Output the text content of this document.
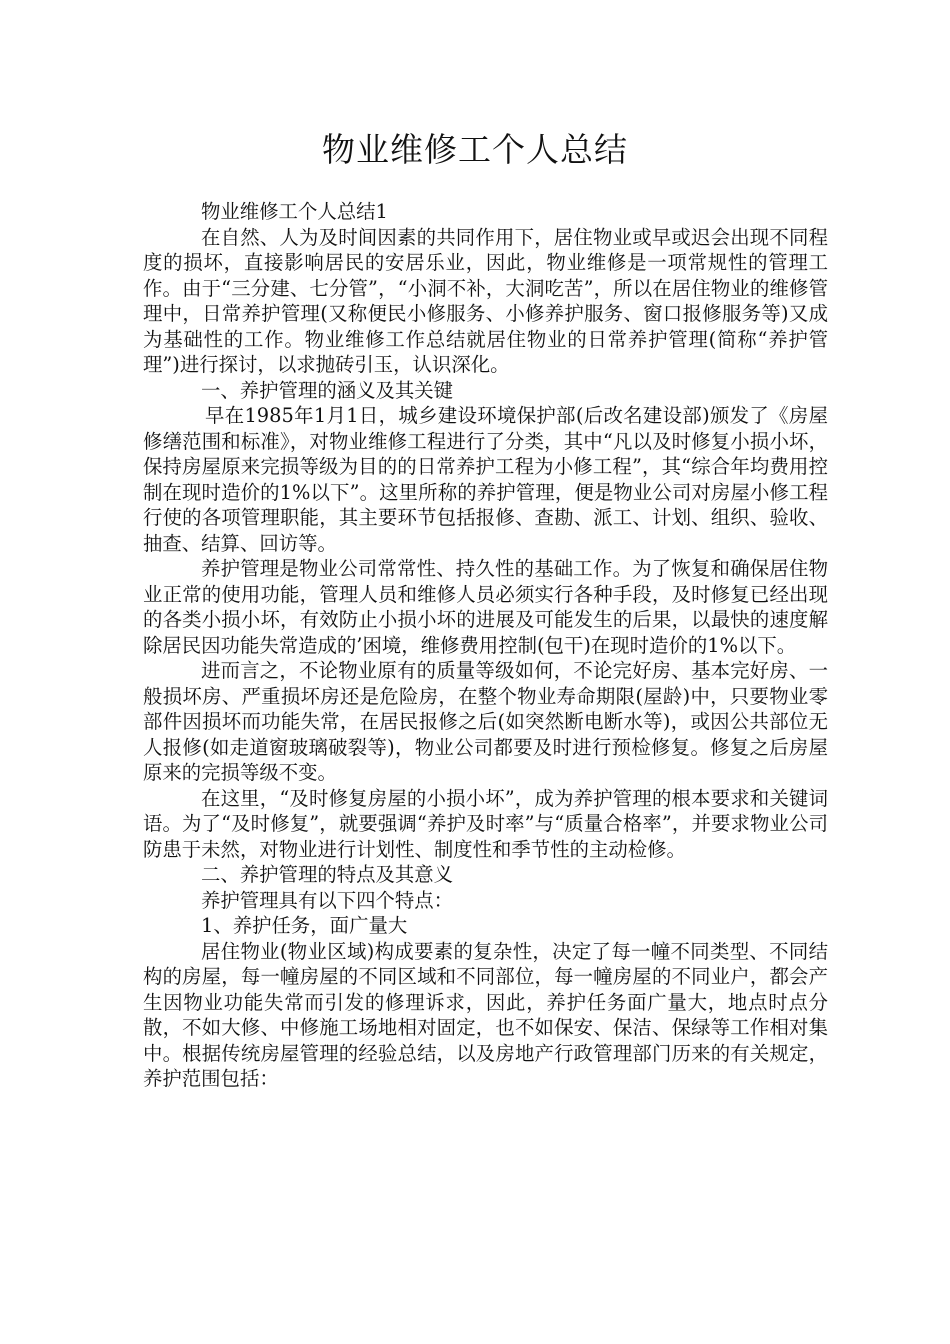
物业维修工个人总结

物业维修工个人总结1

在自然、人为及时间因素的共同作用下，居住物业或早或迟会出现不同程度的损坏，直接影响居民的安居乐业，因此，物业维修是一项常规性的管理工作。由于“三分建、七分管”，“小洞不补，大洞吃苦”，所以在居住物业的维修管理中，日常养护管理(又称便民小修服务、小修养护服务、窗口报修服务等)又成为基础性的工作。物业维修工作总结就居住物业的日常养护管理(简称“养护管理”)进行探讨，以求抛砖引玉，认识深化。

一、养护管理的涵义及其关键

早在1985年1月1日，城乡建设环境保护部(后改名建设部)颁发了《房屋修缮范围和标准》，对物业维修工程进行了分类，其中“凡以及时修复小损小坏，保持房屋原来完损等级为目的的日常养护工程为小修工程”，其“综合年均费用控制在现时造价的1%以下”。这里所称的养护管理，便是物业公司对房屋小修工程行使的各项管理职能，其主要环节包括报修、查勘、派工、计划、组织、验收、抽查、结算、回访等。

养护管理是物业公司常常性、持久性的基础工作。为了恢复和确保居住物业正常的使用功能，管理人员和维修人员必须实行各种手段，及时修复已经出现的各类小损小坏，有效防止小损小坏的进展及可能发生的后果，以最快的速度解除居民因功能失常造成的’困境，维修费用控制(包干)在现时造价的1%以下。

进而言之，不论物业原有的质量等级如何，不论完好房、基本完好房、一般损坏房、严重损坏房还是危险房，在整个物业寿命期限(屋龄)中，只要物业零部件因损坏而功能失常，在居民报修之后(如突然断电断水等)，或因公共部位无人报修(如走道窗玻璃破裂等)，物业公司都要及时进行预检修复。修复之后房屋原来的完损等级不变。

在这里，“及时修复房屋的小损小坏”，成为养护管理的根本要求和关键词语。为了“及时修复”，就要强调“养护及时率”与“质量合格率”，并要求物业公司防患于未然，对物业进行计划性、制度性和季节性的主动检修。

二、养护管理的特点及其意义

养护管理具有以下四个特点：

1、养护任务，面广量大

居住物业(物业区域)构成要素的复杂性，决定了每一幢不同类型、不同结构的房屋，每一幢房屋的不同区域和不同部位，每一幢房屋的不同业户，都会产生因物业功能失常而引发的修理诉求，因此，养护任务面广量大，地点时点分散，不如大修、中修施工场地相对固定，也不如保安、保洁、保绿等工作相对集中。根据传统房屋管理的经验总结，以及房地产行政管理部门历来的有关规定，养护范围包括：
